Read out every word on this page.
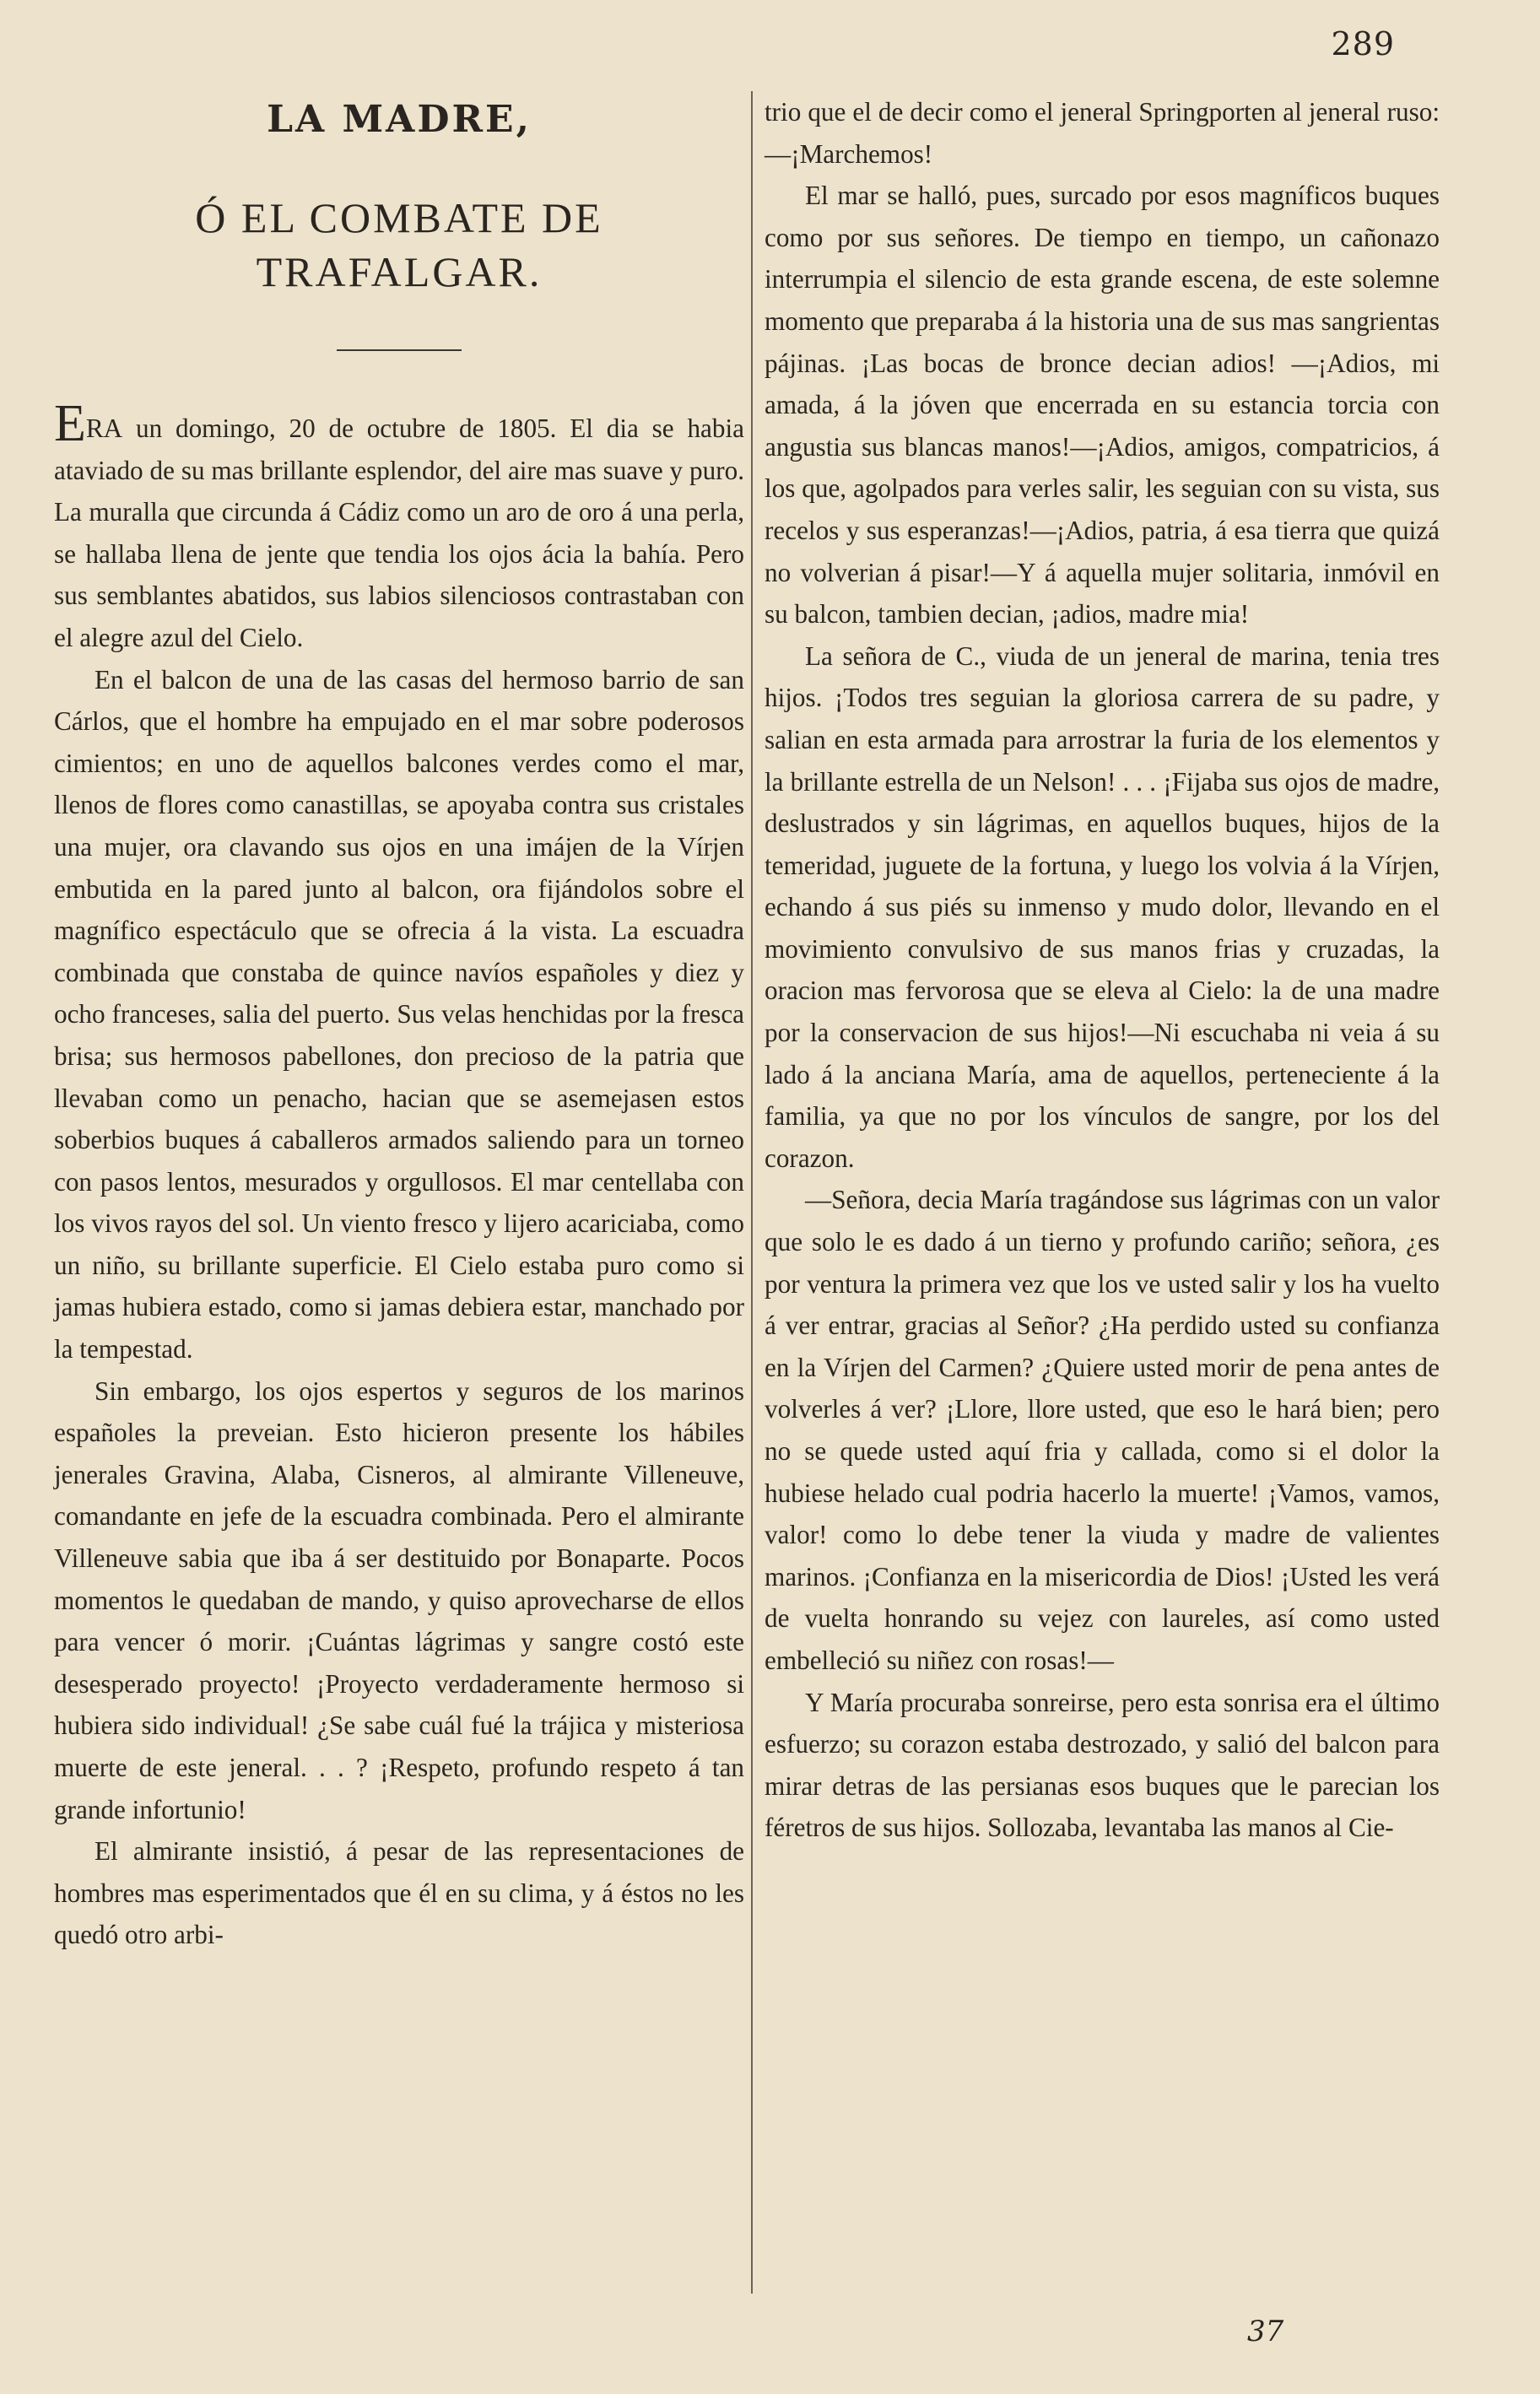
289
LA MADRE,
Ó EL COMBATE DE TRAFALGAR.

ERA un domingo, 20 de octubre de 1805. El dia se habia ataviado de su mas brillante esplendor, del aire mas suave y puro. La muralla que circunda á Cádiz como un aro de oro á una perla, se hallaba llena de jente que tendia los ojos ácia la bahía. Pero sus semblantes abatidos, sus labios silenciosos contrastaban con el alegre azul del Cielo.

En el balcon de una de las casas del hermoso barrio de san Cárlos, que el hombre ha empujado en el mar sobre poderosos cimientos; en uno de aquellos balcones verdes como el mar, llenos de flores como canastillas, se apoyaba contra sus cristales una mujer, ora clavando sus ojos en una imájen de la Vírjen embutida en la pared junto al balcon, ora fijándolos sobre el magnífico espectáculo que se ofrecia á la vista. La escuadra combinada que constaba de quince navíos españoles y diez y ocho franceses, salia del puerto. Sus velas henchidas por la fresca brisa; sus hermosos pabellones, don precioso de la patria que llevaban como un penacho, hacian que se asemejasen estos soberbios buques á caballeros armados saliendo para un torneo con pasos lentos, mesurados y orgullosos. El mar centellaba con los vivos rayos del sol. Un viento fresco y lijero acariciaba, como un niño, su brillante superficie. El Cielo estaba puro como si jamas hubiera estado, como si jamas debiera estar, manchado por la tempestad.

Sin embargo, los ojos espertos y seguros de los marinos españoles la preveian. Esto hicieron presente los hábiles jenerales Gravina, Alaba, Cisneros, al almirante Villeneuve, comandante en jefe de la escuadra combinada. Pero el almirante Villeneuve sabia que iba á ser destituido por Bonaparte. Pocos momentos le quedaban de mando, y quiso aprovecharse de ellos para vencer ó morir. ¡Cuántas lágrimas y sangre costó este desesperado proyecto! ¡Proyecto verdaderamente hermoso si hubiera sido individual! ¿Se sabe cuál fué la trájica y misteriosa muerte de este jeneral. . . ? ¡Respeto, profundo respeto á tan grande infortunio!

El almirante insistió, á pesar de las representaciones de hombres mas esperimentados que él en su clima, y á éstos no les quedó otro arbi-

trio que el de decir como el jeneral Springporten al jeneral ruso:—¡Marchemos!

El mar se halló, pues, surcado por esos magníficos buques como por sus señores. De tiempo en tiempo, un cañonazo interrumpia el silencio de esta grande escena, de este solemne momento que preparaba á la historia una de sus mas sangrientas pájinas. ¡Las bocas de bronce decian adios! —¡Adios, mi amada, á la jóven que encerrada en su estancia torcia con angustia sus blancas manos!—¡Adios, amigos, compatricios, á los que, agolpados para verles salir, les seguian con su vista, sus recelos y sus esperanzas!—¡Adios, patria, á esa tierra que quizá no volverian á pisar!—Y á aquella mujer solitaria, inmóvil en su balcon, tambien decian, ¡adios, madre mia!

La señora de C., viuda de un jeneral de marina, tenia tres hijos. ¡Todos tres seguian la gloriosa carrera de su padre, y salian en esta armada para arrostrar la furia de los elementos y la brillante estrella de un Nelson! . . . ¡Fijaba sus ojos de madre, deslustrados y sin lágrimas, en aquellos buques, hijos de la temeridad, juguete de la fortuna, y luego los volvia á la Vírjen, echando á sus piés su inmenso y mudo dolor, llevando en el movimiento convulsivo de sus manos frias y cruzadas, la oracion mas fervorosa que se eleva al Cielo: la de una madre por la conservacion de sus hijos!—Ni escuchaba ni veia á su lado á la anciana María, ama de aquellos, perteneciente á la familia, ya que no por los vínculos de sangre, por los del corazon.

—Señora, decia María tragándose sus lágrimas con un valor que solo le es dado á un tierno y profundo cariño; señora, ¿es por ventura la primera vez que los ve usted salir y los ha vuelto á ver entrar, gracias al Señor? ¿Ha perdido usted su confianza en la Vírjen del Carmen? ¿Quiere usted morir de pena antes de volverles á ver? ¡Llore, llore usted, que eso le hará bien; pero no se quede usted aquí fria y callada, como si el dolor la hubiese helado cual podria hacerlo la muerte! ¡Vamos, vamos, valor! como lo debe tener la viuda y madre de valientes marinos. ¡Confianza en la misericordia de Dios! ¡Usted les verá de vuelta honrando su vejez con laureles, así como usted embelleció su niñez con rosas!—

Y María procuraba sonreirse, pero esta sonrisa era el último esfuerzo; su corazon estaba destrozado, y salió del balcon para mirar detras de las persianas esos buques que le parecian los féretros de sus hijos. Sollozaba, levantaba las manos al Cie-

37
